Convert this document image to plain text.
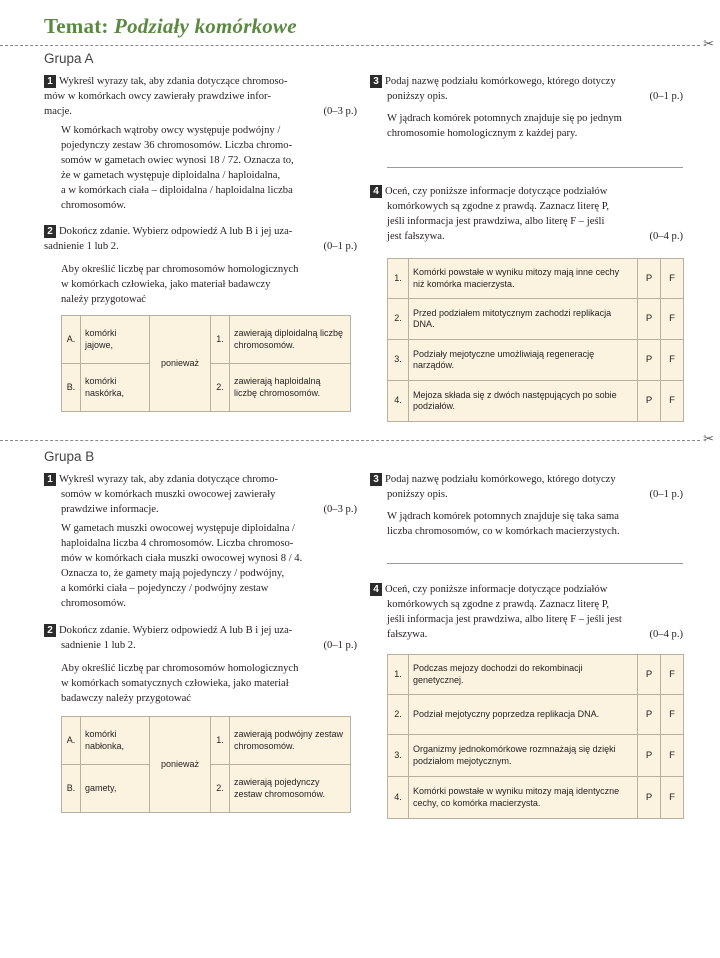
Temat: Podziały komórkowe
✂
✂
Grupa A
1 Wykreśl wyrazy tak, aby zdania dotyczące chromoso-
mów w komórkach owcy zawierały prawdziwe infor-
macje.	(0–3 p.)
W komórkach wątroby owcy występuje podwójny /
pojedynczy zestaw 36 chromosomów. Liczba chromo-
somów w gametach owiec wynosi 18 / 72. Oznacza to,
że w gametach występuje diploidalna / haploidalna,
a w komórkach ciała – diploidalna / haploidalna liczba
chromosomów.
2 Dokończ zdanie. Wybierz odpowiedź A lub B i jej uza-
sadnienie 1 lub 2.	(0–1 p.)
Aby określić liczbę par chromosomów homologicznych
w komórkach człowieka, jako materiał badawczy
należy przygotować
A.	komórki jajowe,	ponieważ	1.	zawierają diploidalną liczbę chromosomów.
B.	komórki naskórka,		2.	zawierają haploidalną liczbę chromosomów.
3 Podaj nazwę podziału komórkowego, którego dotyczy
poniższy opis.	(0–1 p.)
W jądrach komórek potomnych znajduje się po jednym
chromosomie homologicznym z każdej pary.
4 Oceń, czy poniższe informacje dotyczące podziałów
komórkowych są zgodne z prawdą. Zaznacz literę P,
jeśli informacja jest prawdziwa, albo literę F – jeśli
jest fałszywa.	(0–4 p.)
1.	Komórki powstałe w wyniku mitozy mają inne cechy niż komórka macierzysta.	P	F
2.	Przed podziałem mitotycznym zachodzi replikacja DNA.	P	F
3.	Podziały mejotyczne umożliwiają regenerację narządów.	P	F
4.	Mejoza składa się z dwóch następujących po sobie podziałów.	P	F
Grupa B
1 Wykreśl wyrazy tak, aby zdania dotyczące chromo-
somów w komórkach muszki owocowej zawierały
prawdziwe informacje.	(0–3 p.)
W gametach muszki owocowej występuje diploidalna /
haploidalna liczba 4 chromosomów. Liczba chromoso-
mów w komórkach ciała muszki owocowej wynosi 8 / 4.
Oznacza to, że gamety mają pojedynczy / podwójny,
a komórki ciała – pojedynczy / podwójny zestaw
chromosomów.
2 Dokończ zdanie. Wybierz odpowiedź A lub B i jej uza-
sadnienie 1 lub 2.	(0–1 p.)
Aby określić liczbę par chromosomów homologicznych
w komórkach somatycznych człowieka, jako materiał
badawczy należy przygotować
A.	komórki nabłonka,	ponieważ	1.	zawierają podwójny zestaw chromosomów.
B.	gamety,		2.	zawierają pojedynczy zestaw chromosomów.
3 Podaj nazwę podziału komórkowego, którego dotyczy
poniższy opis.	(0–1 p.)
W jądrach komórek potomnych znajduje się taka sama
liczba chromosomów, co w komórkach macierzystych.
4 Oceń, czy poniższe informacje dotyczące podziałów
komórkowych są zgodne z prawdą. Zaznacz literę P,
jeśli informacja jest prawdziwa, albo literę F – jeśli jest
fałszywa.	(0–4 p.)
1.	Podczas mejozy dochodzi do rekombinacji genetycznej.	P	F
2.	Podział mejotyczny poprzedza replikacja DNA.	P	F
3.	Organizmy jednokomórkowe rozmnażają się dzięki podziałom mejotycznym.	P	F
4.	Komórki powstałe w wyniku mitozy mają identyczne cechy, co komórka macierzysta.	P	F
